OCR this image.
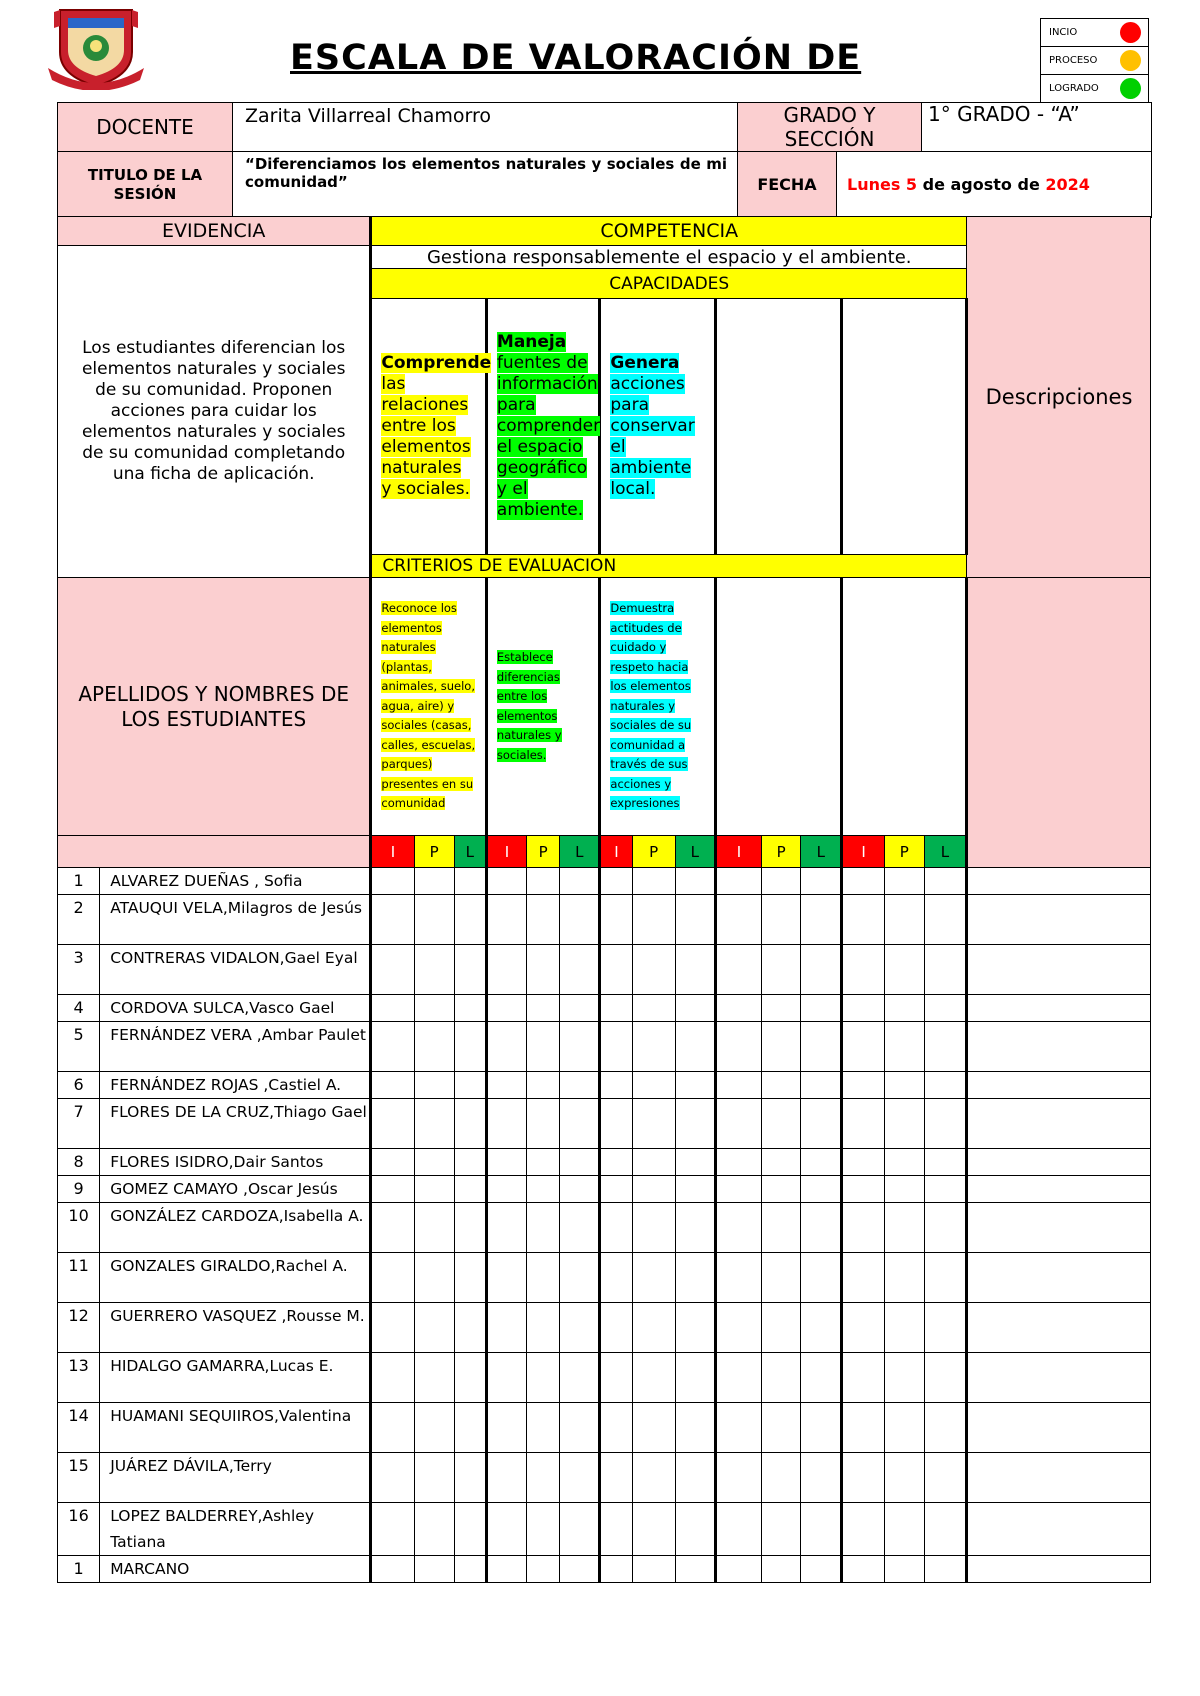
ESCALA DE VALORACIÓN DE
INCIO
PROCESO
LOGRADO
DOCENTE	Zarita Villarreal Chamorro	GRADO Y SECCIÓN		1° GRADO - “A”
TITULO DE LA SESIÓN	“Diferenciamos los elementos naturales y sociales de mi comunidad”	FECHA	Lunes 5 de agosto de 2024	
EVIDENCIA		COMPETENCIA															Descripciones
Los estudiantes diferencian los elementos naturales y sociales de su comunidad. Proponen acciones para cuidar los elementos naturales y sociales de su comunidad completando una ficha de aplicación.		Gestiona responsablemente el espacio y el ambiente.															
		CAPACIDADES															
		Comprende las relaciones entre los elementos naturales y sociales.			Maneja fuentes de información para comprender el espacio geográfico y el ambiente.			Genera acciones para conservar el ambiente local.									
		CRITERIOS DE EVALUACION															
APELLIDOS Y NOMBRES DE LOS ESTUDIANTES		Reconoce los elementos naturales (plantas, animales, suelo, agua, aire) y sociales (casas, calles, escuelas, parques) presentes en su comunidad			Establece diferencias entre los elementos naturales y sociales.			Demuestra actitudes de cuidado y respeto hacia los elementos naturales y sociales de su comunidad a través de sus acciones y expresiones									
		I	P	L	I	P	L	I	P	L	I	P	L	I	P	L	
1	ALVAREZ DUEÑAS , Sofia																
2	ATAUQUI VELA,Milagros de Jesús																
3	CONTRERAS VIDALON,Gael Eyal																
4	CORDOVA SULCA,Vasco Gael																
5	FERNÁNDEZ VERA ,Ambar Paulet																
6	FERNÁNDEZ ROJAS ,Castiel A.																
7	FLORES DE LA CRUZ,Thiago Gael																
8	FLORES ISIDRO,Dair Santos																
9	GOMEZ CAMAYO ,Oscar Jesús																
10	GONZÁLEZ CARDOZA,Isabella A.																
11	GONZALES GIRALDO,Rachel A.																
12	GUERRERO VASQUEZ ,Rousse M.																
13	HIDALGO GAMARRA,Lucas E.																
14	HUAMANI SEQUIIROS,Valentina																
15	JUÁREZ DÁVILA,Terry																
16	LOPEZ BALDERREY,Ashley Tatiana																
1	MARCANO																
